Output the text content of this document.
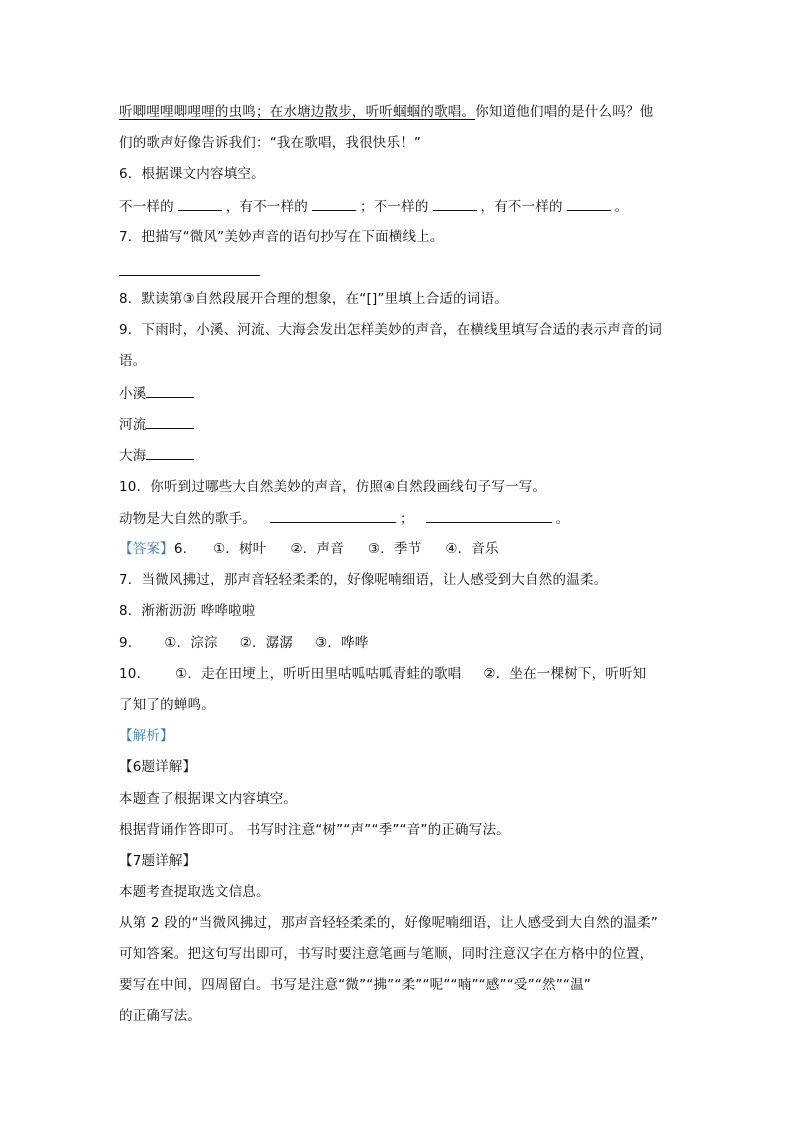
听唧哩哩唧哩哩的虫鸣；在水塘边散步，听听蝈蝈的歌唱。你知道他们唱的是什么吗？他
们的歌声好像告诉我们：“我在歌唱，我很快乐！”
6．根据课文内容填空。
不一样的	，有不一样的	；不一样的	，有不一样的	。
7．把描写“微风”美妙声音的语句抄写在下面横线上。
8．默读第③自然段展开合理的想象，在“[]”里填上合适的词语。
9．下雨时，小溪、河流、大海会发出怎样美妙的声音，在横线里填写合适的表示声音的词
语。
小溪
河流
大海
10．你听到过哪些大自然美妙的声音，仿照④自然段画线句子写一写。
动物是大自然的歌手。	；	。
【答案】6. ①．树叶 ②．声音 ③．季节 ④．音乐
7．当微风拂过，那声音轻轻柔柔的，好像呢喃细语，让人感受到大自然的温柔。
8．淅淅沥沥 哗哗啦啦
9. ①．淙淙 ②．潺潺 ③．哗哗
10.	①．走在田埂上，听听田里咕呱咕呱青蛙的歌唱 ②．坐在一棵树下，听听知
了知了的蝉鸣。
【解析】
【6题详解】
本题查了根据课文内容填空。
根据背诵作答即可。 书写时注意“树”“声”“季”“音”的正确写法。
【7题详解】
本题考查提取选文信息。
从第 2 段的“当微风拂过，那声音轻轻柔柔的，好像呢喃细语，让人感受到大自然的温柔”
可知答案。把这句写出即可，书写时要注意笔画与笔顺，同时注意汉字在方格中的位置，
要写在中间，四周留白。书写是注意“微”“拂”“柔”“呢”“喃”“感”“受”“然”“温”
的正确写法。
